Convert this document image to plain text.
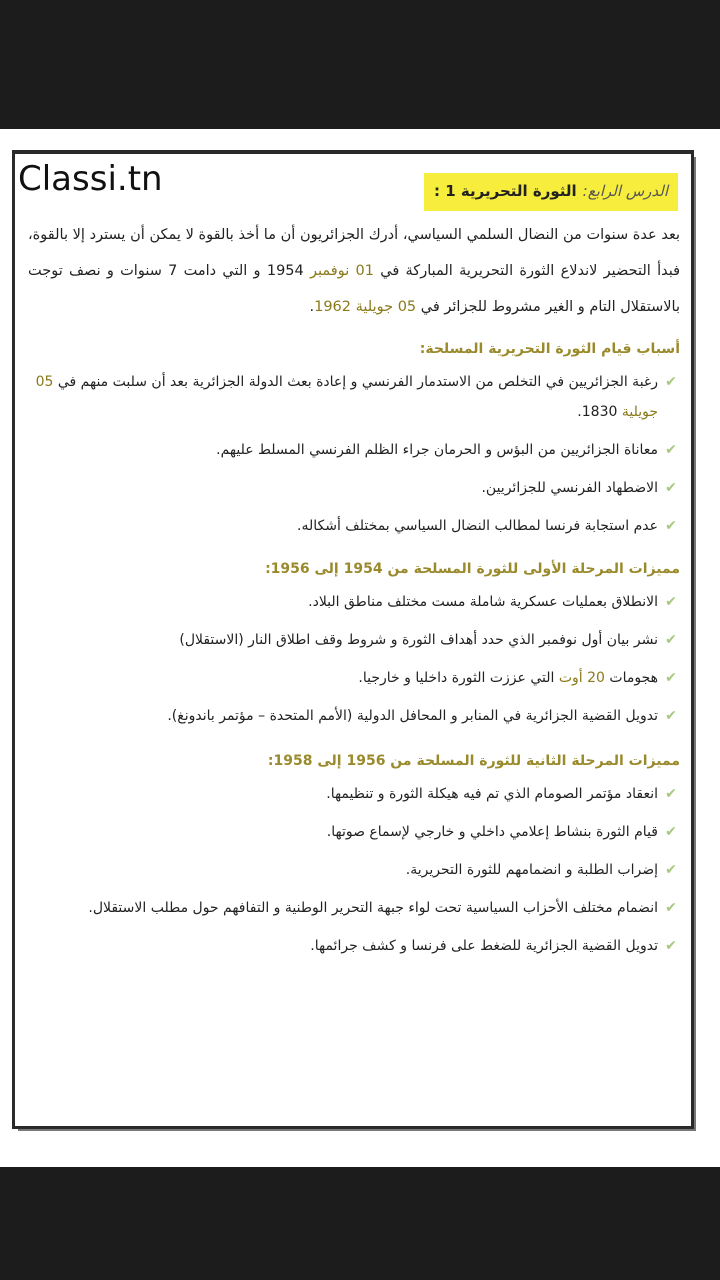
Classi.tn	الدرس الرابع:الثورة التحريرية 1 :

بعد عدة سنوات من النضال السلمي السياسي، أدرك الجزائريون أن ما أخذ بالقوة لا يمكن أن يسترد إلا بالقوة، فبدأ التحضير لاندلاع الثورة التحريرية المباركة في 01 نوفمبر 1954 و التي دامت 7 سنوات و نصف توجت بالاستقلال التام و الغير مشروط للجزائر في 05 جويلية 1962.

أسباب قيام الثورة التحريرية المسلحة:

✔
رغبة الجزائريين في التخلص من الاستدمار الفرنسي و إعادة بعث الدولة الجزائرية بعد أن سلبت منهم في 05 جويلية 1830.
✔
معاناة الجزائريين من البؤس و الحرمان جراء الظلم الفرنسي المسلط عليهم.
✔
الاضطهاد الفرنسي للجزائريين.
✔
عدم استجابة فرنسا لمطالب النضال السياسي بمختلف أشكاله.

مميزات المرحلة الأولى للثورة المسلحة من 1954 إلى 1956:

✔
الانطلاق بعمليات عسكرية شاملة مست مختلف مناطق البلاد.
✔
نشر بيان أول نوفمبر الذي حدد أهداف الثورة و شروط وقف اطلاق النار (الاستقلال)
✔
هجومات 20 أوت التي عززت الثورة داخليا و خارجيا.
✔
تدويل القضية الجزائرية في المنابر و المحافل الدولية (الأمم المتحدة – مؤتمر باندونغ).

مميزات المرحلة الثانية للثورة المسلحة من 1956 إلى 1958:

✔
انعقاد مؤتمر الصومام الذي تم فيه هيكلة الثورة و تنظيمها.
✔
قيام الثورة بنشاط إعلامي داخلي و خارجي لإسماع صوتها.
✔
إضراب الطلبة و انضمامهم للثورة التحريرية.
✔
انضمام مختلف الأحزاب السياسية تحت لواء جبهة التحرير الوطنية و التفافهم حول مطلب الاستقلال.
✔
تدويل القضية الجزائرية للضغط على فرنسا و كشف جرائمها.
